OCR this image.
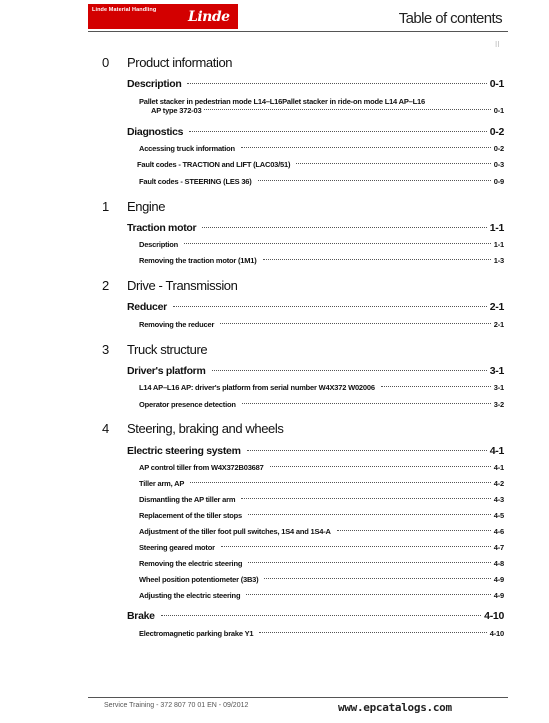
Linde Material Handling Linde	Table of contents
II
0	Product information
Description	0-1
Pallet stacker in pedestrian mode L14–L16Pallet stacker in ride-on mode L14 AP–L16
AP type 372-03	0-1
Diagnostics	0-2
Accessing truck information	0-2
Fault codes - TRACTION and LIFT (LAC03/51)	0-3
Fault codes - STEERING (LES 36)	0-9
1	Engine
Traction motor	1-1
Description	1-1
Removing the traction motor (1M1)	1-3
2	Drive - Transmission
Reducer	2-1
Removing the reducer	2-1
3	Truck structure
Driver's platform	3-1
L14 AP–L16 AP: driver's platform from serial number W4X372 W02006	3-1
Operator presence detection	3-2
4	Steering, braking and wheels
Electric steering system	4-1
AP control tiller from W4X372B03687	4-1
Tiller arm, AP	4-2
Dismantling the AP tiller arm	4-3
Replacement of the tiller stops	4-5
Adjustment of the tiller foot pull switches, 1S4 and 1S4-A	4-6
Steering geared motor	4-7
Removing the electric steering	4-8
Wheel position potentiometer (3B3)	4-9
Adjusting the electric steering	4-9
Brake	4-10
Electromagnetic parking brake Y1	4-10
Service Training - 372 807 70 01 EN - 09/2012	www.epcatalogs.com
